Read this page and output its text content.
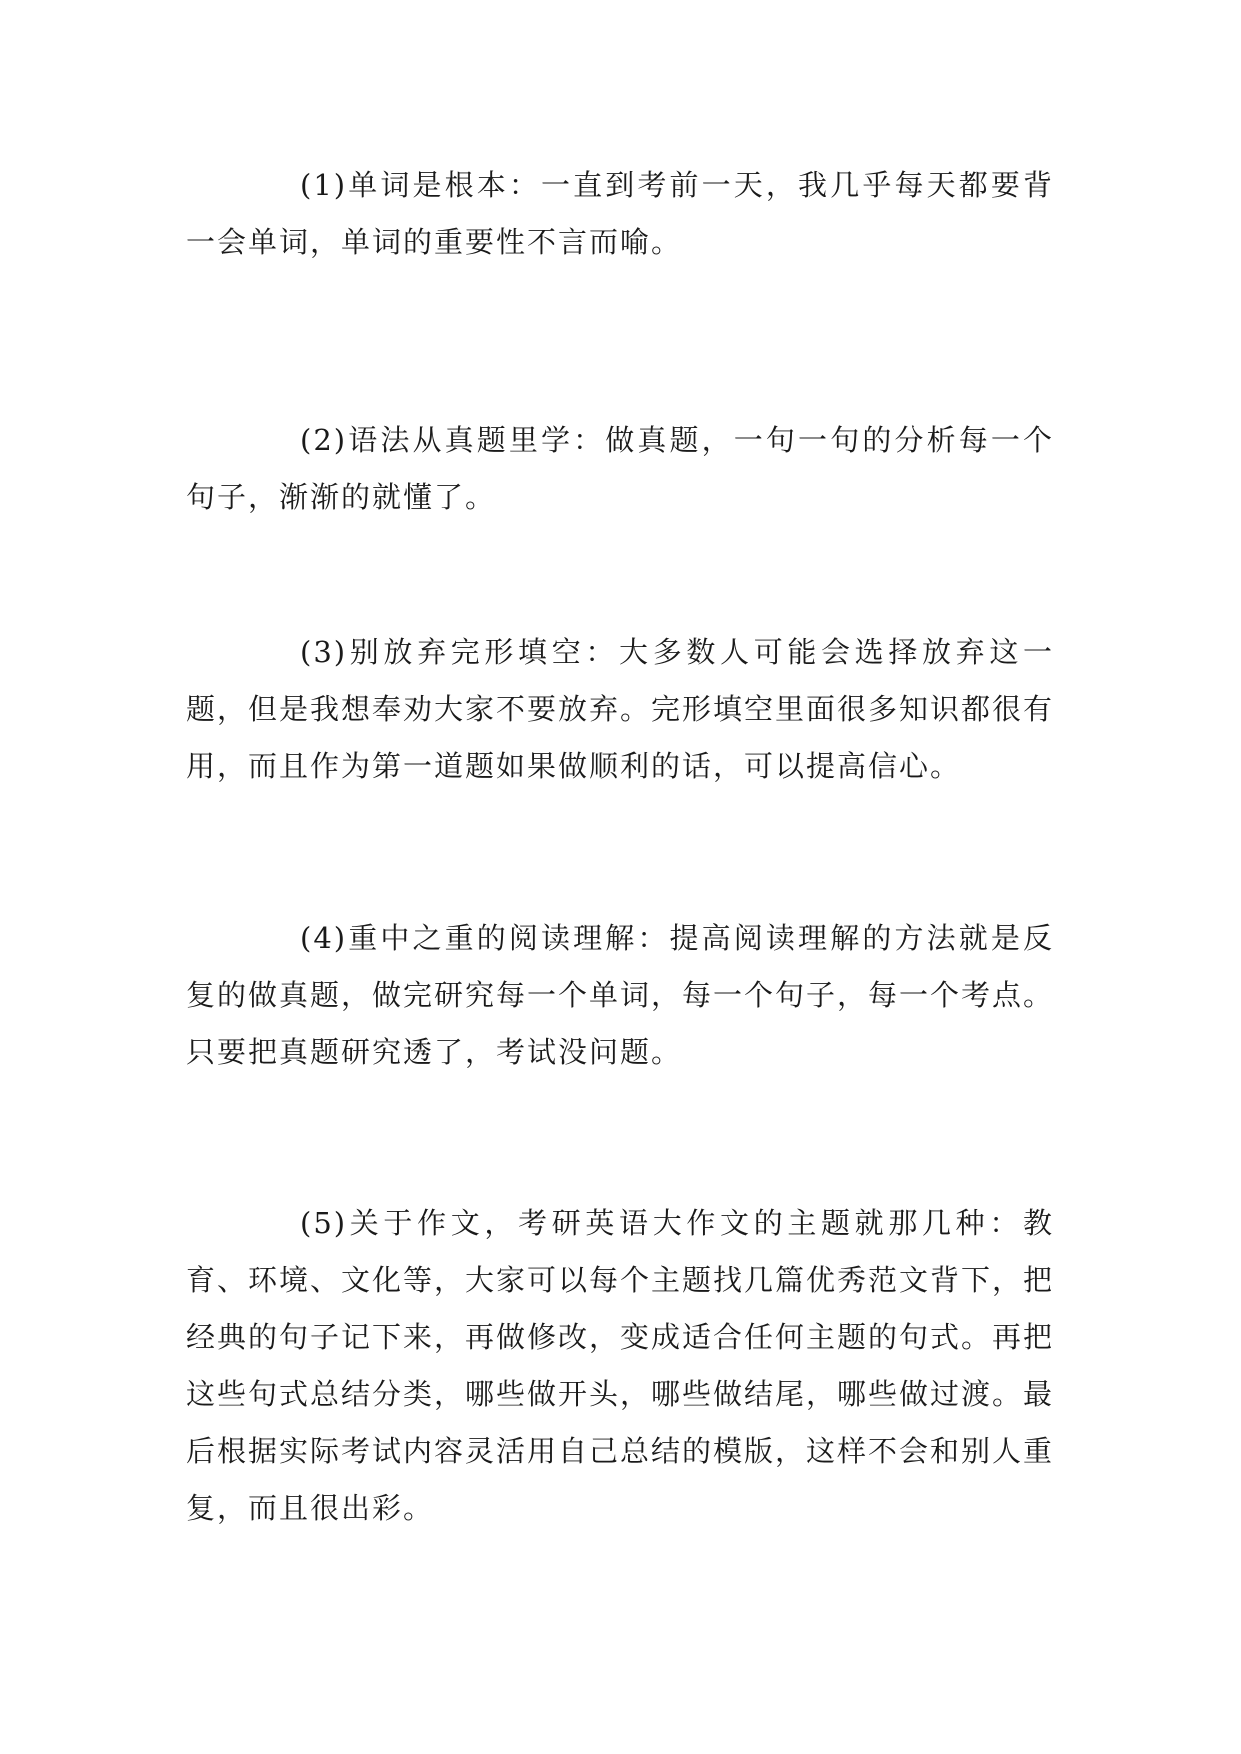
(1)单词是根本：一直到考前一天，我几乎每天都要背一会单词，单词的重要性不言而喻。

(2)语法从真题里学：做真题，一句一句的分析每一个句子，渐渐的就懂了。

(3)别放弃完形填空：大多数人可能会选择放弃这一题，但是我想奉劝大家不要放弃。完形填空里面很多知识都很有用，而且作为第一道题如果做顺利的话，可以提高信心。

(4)重中之重的阅读理解：提高阅读理解的方法就是反复的做真题，做完研究每一个单词，每一个句子，每一个考点。只要把真题研究透了，考试没问题。

(5)关于作文，考研英语大作文的主题就那几种：教育、环境、文化等，大家可以每个主题找几篇优秀范文背下，把经典的句子记下来，再做修改，变成适合任何主题的句式。再把这些句式总结分类，哪些做开头，哪些做结尾，哪些做过渡。最后根据实际考试内容灵活用自己总结的模版，这样不会和别人重复，而且很出彩。
